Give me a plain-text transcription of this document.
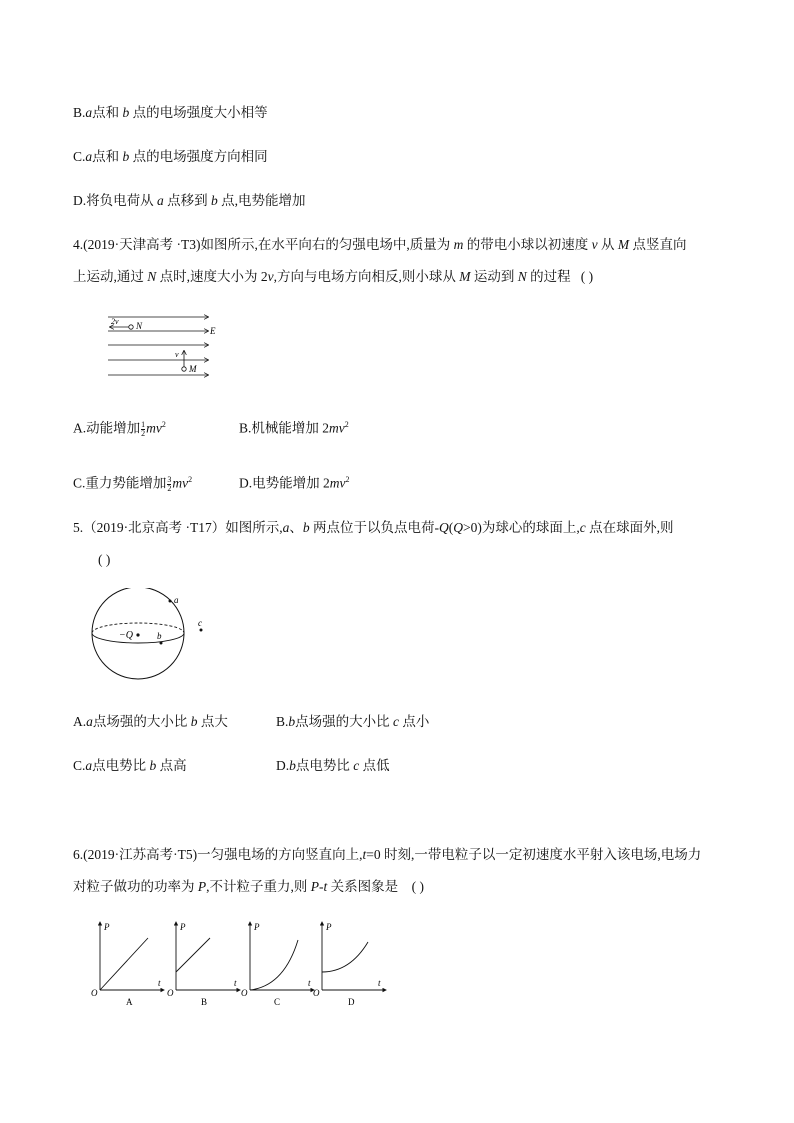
B.a点和 b 点的电场强度大小相等
C.a点和 b 点的电场强度方向相同
D.将负电荷从 a 点移到 b 点,电势能增加
4.(2019·天津高考 ·T3)如图所示,在水平向右的匀强电场中,质量为 m 的带电小球以初速度 v 从 M 点竖直向
上运动,通过 N 点时,速度大小为 2v,方向与电场方向相反,则小球从 M 运动到 N 的过程 ( )
2v N	E
v
M
A.动能增加 $\frac{1}{2} mv^2$	B.机械能增加 $2mv^2$
C.重力势能增加 $\frac{3}{2} mv^2$	D.电势能增加 $2mv^2$
5.（2019·北京高考 ·T17）如图所示,a、b 两点位于以负点电荷-Q(Q>0)为球心的球面上,c 点在球面外,则
( )
−Q
a
b
c
A.a点场强的大小比 b 点大	B.b点场强的大小比 c 点小
C.a点电势比 b 点高	D.b点电势比 c 点低
6.(2019·江苏高考·T5)一匀强电场的方向竖直向上,t=0 时刻,一带电粒子以一定初速度水平射入该电场,电场力
对粒子做功的功率为 P,不计粒子重力,则 P-t 关系图象是 ( )
P
t
O
A
P
t
O
B
P
t
O
C
P
t
O
D
